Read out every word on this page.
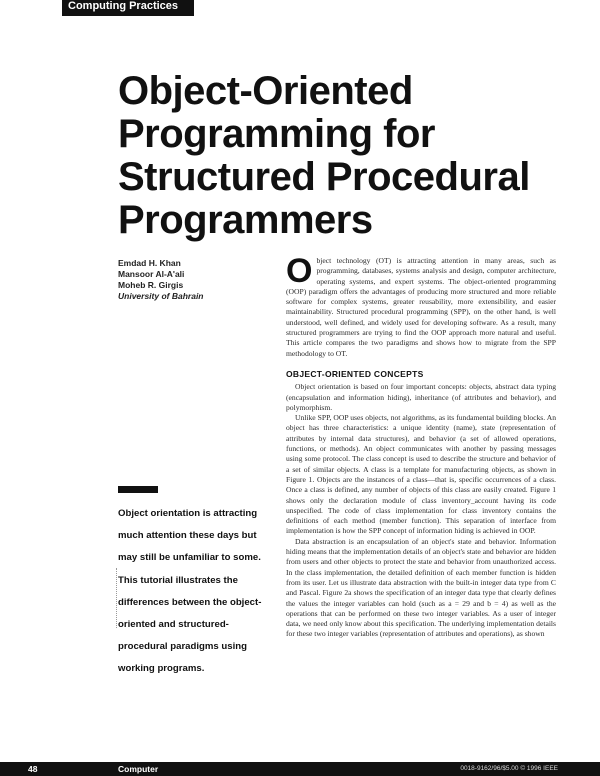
Computing Practices
Object-Oriented
Programming for
Structured Procedural
Programmers
Emdad H. Khan
Mansoor Al-A'ali
Moheb R. Girgis
University of Bahrain

O bject technology (OT) is attracting attention in many areas, such as programming, databases, systems analysis and design, computer architecture, operating systems, and expert systems. The object-oriented programming (OOP) paradigm offers the advantages of producing more structured and more reliable software for complex systems, greater reusability, more extensibility, and easier maintainability. Structured procedural programming (SPP), on the other hand, is well understood, well defined, and widely used for developing software. As a result, many structured programmers are trying to find the OOP approach more natural and useful. This article compares the two paradigms and shows how to migrate from the SPP methodology to OT.

OBJECT-ORIENTED CONCEPTS

Object orientation is based on four important concepts: objects, abstract data typing (encapsulation and information hiding), inheritance (of attributes and behavior), and polymorphism.

Unlike SPP, OOP uses objects, not algorithms, as its fundamental building blocks. An object has three characteristics: a unique identity (name), state (representation of attributes by internal data structures), and behavior (a set of allowed operations, functions, or methods). An object communicates with another by passing messages using some protocol. The class concept is used to describe the structure and behavior of a set of similar objects. A class is a template for manufacturing objects, as shown in Figure 1. Objects are the instances of a class—that is, specific occurrences of a class. Once a class is defined, any number of objects of this class are easily created. Figure 1 shows only the declaration module of class inventory_account having its code unspecified. The code of class implementation for class inventory contains the definitions of each method (member function). This separation of interface from implementation is how the SPP concept of information hiding is achieved in OOP.

Data abstraction is an encapsulation of an object's state and behavior. Information hiding means that the implementation details of an object's state and behavior are hidden from users and other objects to protect the state and behavior from unauthorized access. In the class implementation, the detailed definition of each member function is hidden from its user. Let us illustrate data abstraction with the built-in integer data type from C and Pascal. Figure 2a shows the specification of an integer data type that clearly defines the values the integer variables can hold (such as a = 29 and b = 4) as well as the operations that can be performed on these two integer variables. As a user of integer data, we need only know about this specification. The underlying implementation details for these two integer variables (representation of attributes and operations), as shown

Object orientation is attracting much attention these days but may still be unfamiliar to some. This tutorial illustrates the differences between the object-oriented and structured-procedural paradigms using working programs.
48	Computer	0018-9162/96/$5.00 © 1996 IEEE
